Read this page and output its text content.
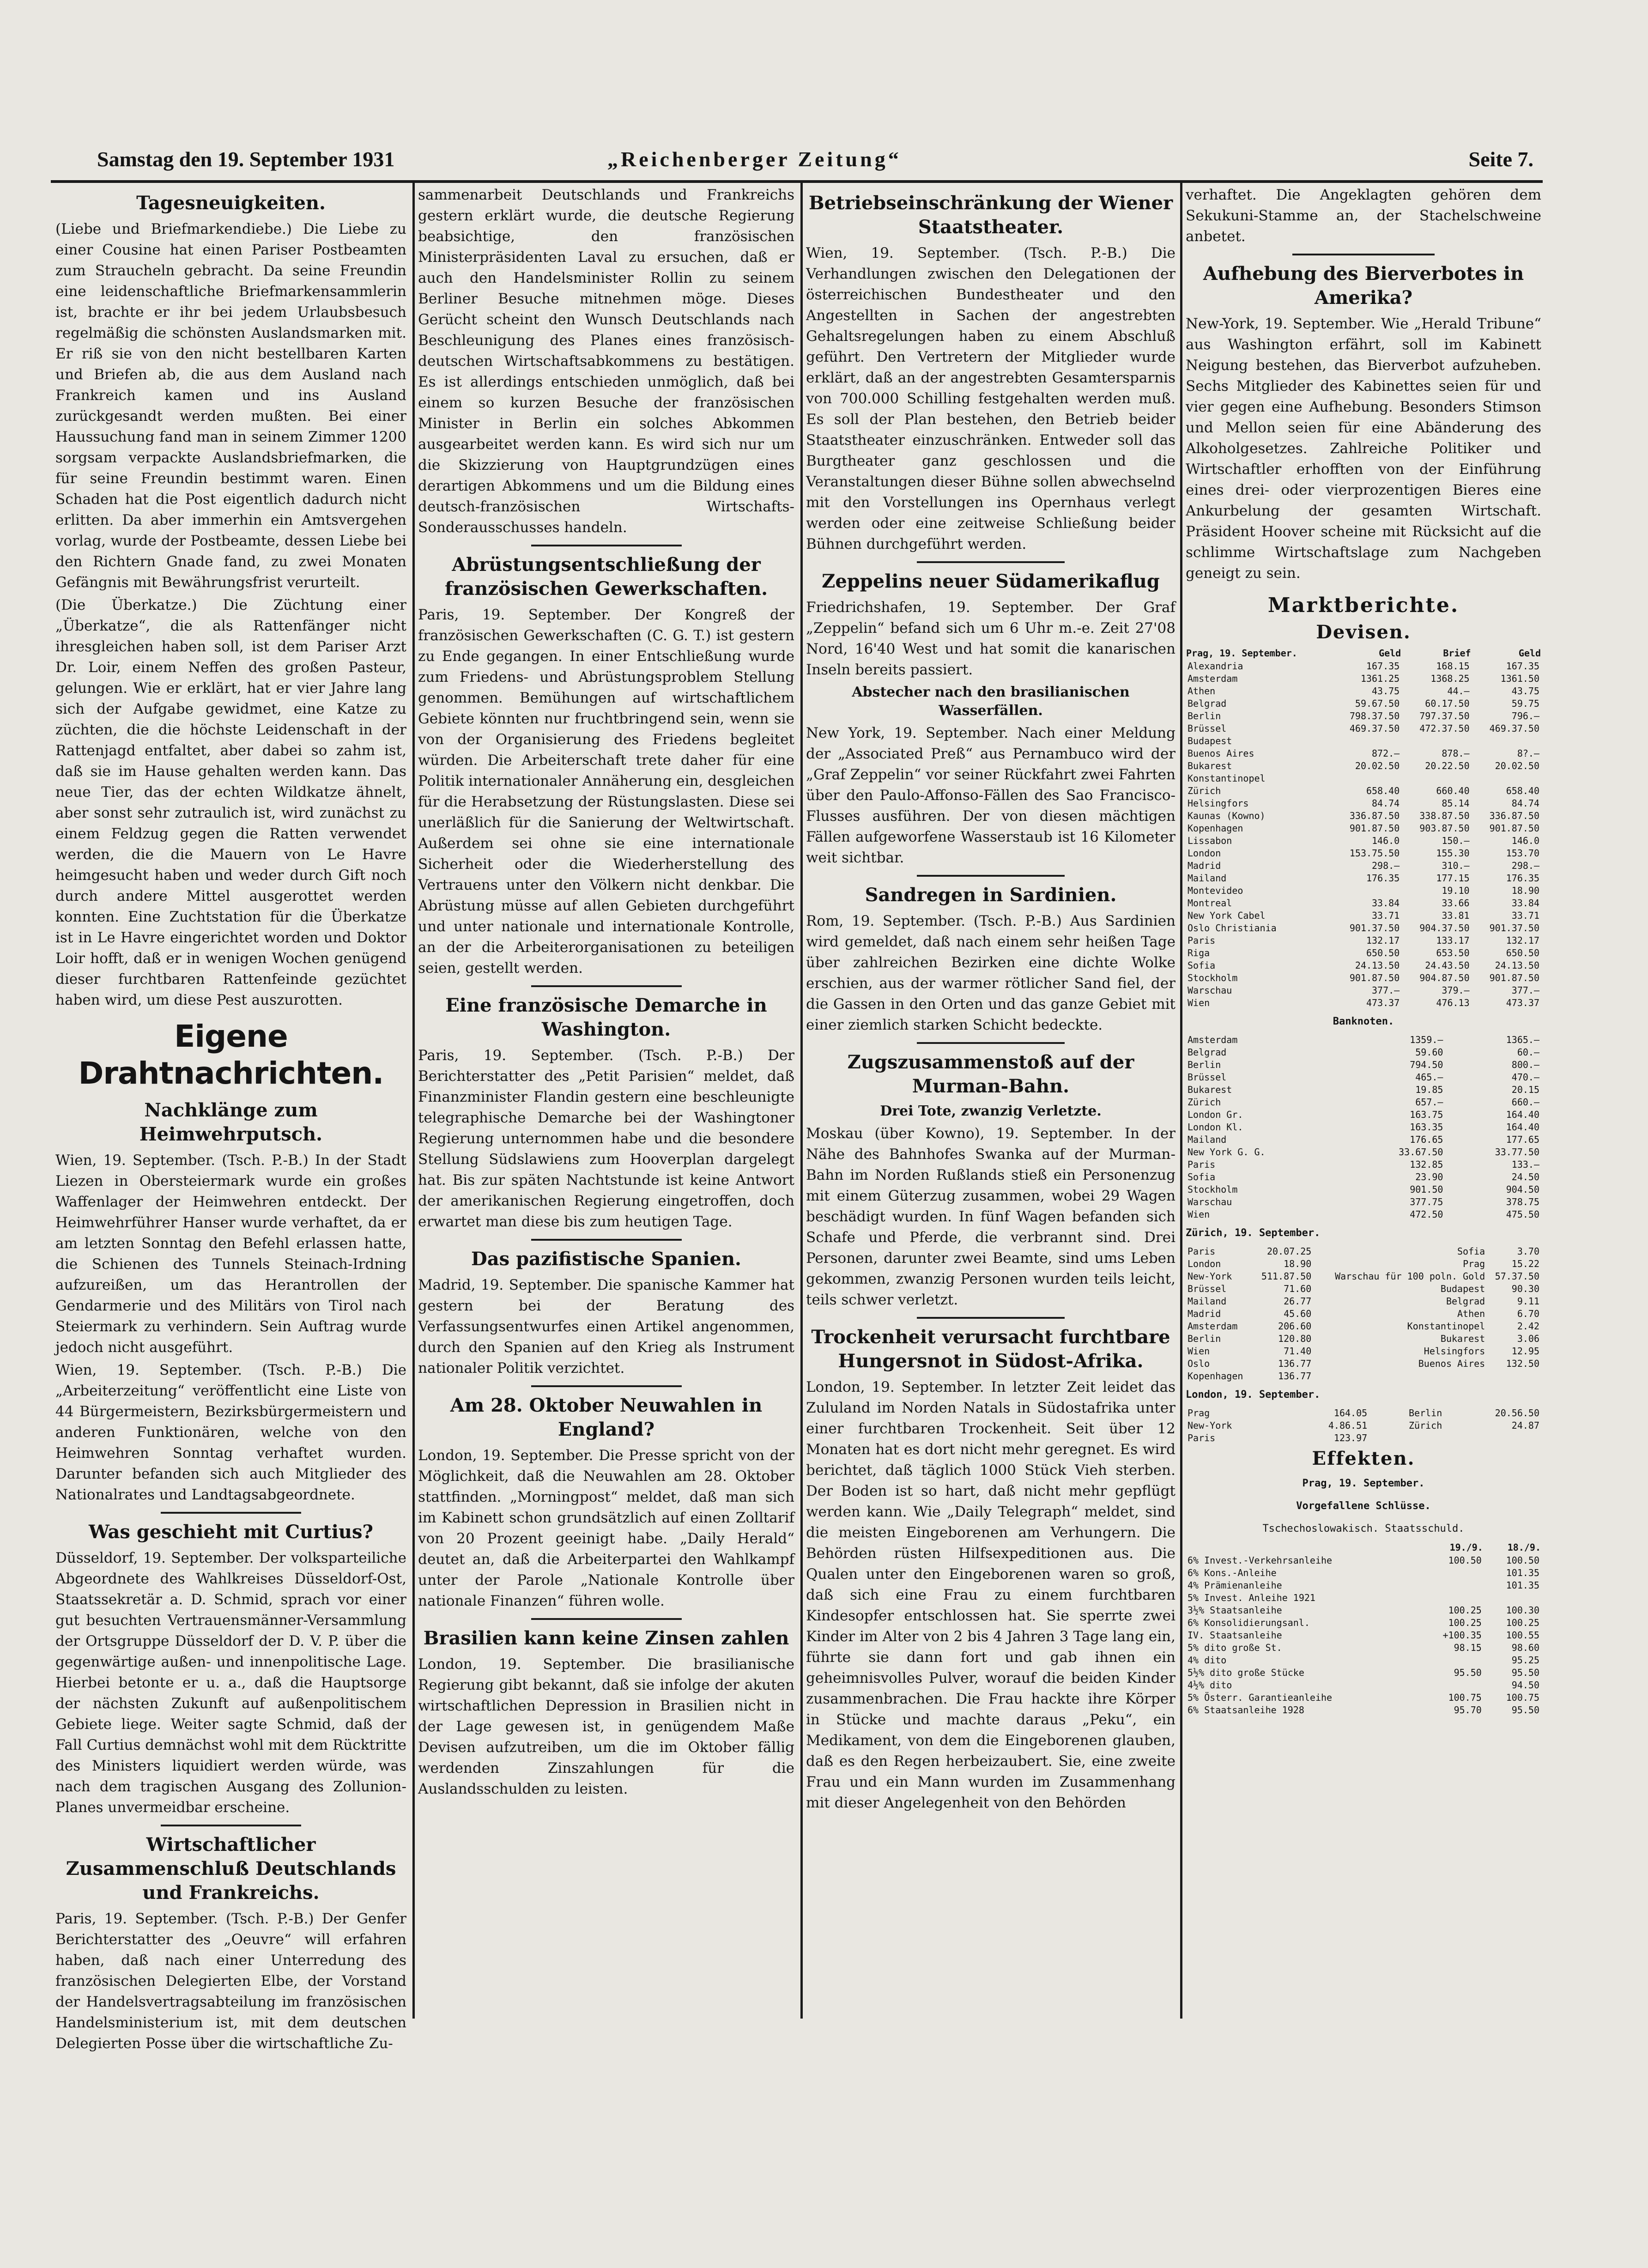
Samstag den 19. September 1931	„Reichenberger Zeitung“	Seite 7.
Tagesneuigkeiten.

(Liebe und Briefmarkendiebe.) Die Liebe zu einer Cousine hat einen Pariser Postbeamten zum Straucheln gebracht. Da seine Freundin eine leidenschaftliche Briefmarkensammlerin ist, brachte er ihr bei jedem Urlaubsbesuch regelmäßig die schönsten Auslandsmarken mit. Er riß sie von den nicht bestellbaren Karten und Briefen ab, die aus dem Ausland nach Frankreich kamen und ins Ausland zurückgesandt werden mußten. Bei einer Haussuchung fand man in seinem Zimmer 1200 sorgsam verpackte Auslandsbriefmarken, die für seine Freundin bestimmt waren. Einen Schaden hat die Post eigentlich dadurch nicht erlitten. Da aber immerhin ein Amtsvergehen vorlag, wurde der Postbeamte, dessen Liebe bei den Richtern Gnade fand, zu zwei Monaten Gefängnis mit Bewährungsfrist verurteilt.

(Die Überkatze.) Die Züchtung einer „Überkatze“, die als Rattenfänger nicht ihresgleichen haben soll, ist dem Pariser Arzt Dr. Loir, einem Neffen des großen Pasteur, gelungen. Wie er erklärt, hat er vier Jahre lang sich der Aufgabe gewidmet, eine Katze zu züchten, die die höchste Leidenschaft in der Rattenjagd entfaltet, aber dabei so zahm ist, daß sie im Hause gehalten werden kann. Das neue Tier, das der echten Wildkatze ähnelt, aber sonst sehr zutraulich ist, wird zunächst zu einem Feldzug gegen die Ratten verwendet werden, die die Mauern von Le Havre heimgesucht haben und weder durch Gift noch durch andere Mittel ausgerottet werden konnten. Eine Zuchtstation für die Überkatze ist in Le Havre eingerichtet worden und Doktor Loir hofft, daß er in wenigen Wochen genügend dieser furchtbaren Rattenfeinde gezüchtet haben wird, um diese Pest auszurotten.

Eigene Drahtnachrichten.
Nachklänge zum Heimwehrputsch.

Wien, 19. September. (Tsch. P.-B.) In der Stadt Liezen in Obersteiermark wurde ein großes Waffenlager der Heimwehren entdeckt. Der Heimwehrführer Hanser wurde verhaftet, da er am letzten Sonntag den Befehl erlassen hatte, die Schienen des Tunnels Steinach-Irdning aufzureißen, um das Herantrollen der Gendarmerie und des Militärs von Tirol nach Steiermark zu verhindern. Sein Auftrag wurde jedoch nicht ausgeführt.

Wien, 19. September. (Tsch. P.-B.) Die „Arbeiterzeitung“ veröffentlicht eine Liste von 44 Bürgermeistern, Bezirksbürgermeistern und anderen Funktionären, welche von den Heimwehren Sonntag verhaftet wurden. Darunter befanden sich auch Mitglieder des Nationalrates und Landtagsabgeordnete.

Was geschieht mit Curtius?

Düsseldorf, 19. September. Der volksparteiliche Abgeordnete des Wahlkreises Düsseldorf-Ost, Staatssekretär a. D. Schmid, sprach vor einer gut besuchten Vertrauensmänner-Versammlung der Ortsgruppe Düsseldorf der D. V. P. über die gegenwärtige außen- und innenpolitische Lage. Hierbei betonte er u. a., daß die Hauptsorge der nächsten Zukunft auf außenpolitischem Gebiete liege. Weiter sagte Schmid, daß der Fall Curtius demnächst wohl mit dem Rücktritte des Ministers liquidiert werden würde, was nach dem tragischen Ausgang des Zollunion-Planes unvermeidbar erscheine.

Wirtschaftlicher Zusammenschluß Deutschlands und Frankreichs.

Paris, 19. September. (Tsch. P.-B.) Der Genfer Berichterstatter des „Oeuvre“ will erfahren haben, daß nach einer Unterredung des französischen Delegierten Elbe, der Vorstand der Handelsvertragsabteilung im französischen Handelsministerium ist, mit dem deutschen Delegierten Posse über die wirtschaftliche Zu-

sammenarbeit Deutschlands und Frankreichs gestern erklärt wurde, die deutsche Regierung beabsichtige, den französischen Ministerpräsidenten Laval zu ersuchen, daß er auch den Handelsminister Rollin zu seinem Berliner Besuche mitnehmen möge. Dieses Gerücht scheint den Wunsch Deutschlands nach Beschleunigung des Planes eines französisch-deutschen Wirtschaftsabkommens zu bestätigen. Es ist allerdings entschieden unmöglich, daß bei einem so kurzen Besuche der französischen Minister in Berlin ein solches Abkommen ausgearbeitet werden kann. Es wird sich nur um die Skizzierung von Hauptgrundzügen eines derartigen Abkommens und um die Bildung eines deutsch-französischen Wirtschafts-Sonderausschusses handeln.

Abrüstungsentschließung der französischen Gewerkschaften.

Paris, 19. September. Der Kongreß der französischen Gewerkschaften (C. G. T.) ist gestern zu Ende gegangen. In einer Entschließung wurde zum Friedens- und Abrüstungsproblem Stellung genommen. Bemühungen auf wirtschaftlichem Gebiete könnten nur fruchtbringend sein, wenn sie von der Organisierung des Friedens begleitet würden. Die Arbeiterschaft trete daher für eine Politik internationaler Annäherung ein, desgleichen für die Herabsetzung der Rüstungslasten. Diese sei unerläßlich für die Sanierung der Weltwirtschaft. Außerdem sei ohne sie eine internationale Sicherheit oder die Wiederherstellung des Vertrauens unter den Völkern nicht denkbar. Die Abrüstung müsse auf allen Gebieten durchgeführt und unter nationale und internationale Kontrolle, an der die Arbeiterorganisationen zu beteiligen seien, gestellt werden.

Eine französische Demarche in Washington.

Paris, 19. September. (Tsch. P.-B.) Der Berichterstatter des „Petit Parisien“ meldet, daß Finanzminister Flandin gestern eine beschleunigte telegraphische Demarche bei der Washingtoner Regierung unternommen habe und die besondere Stellung Südslawiens zum Hooverplan dargelegt hat. Bis zur späten Nachtstunde ist keine Antwort der amerikanischen Regierung eingetroffen, doch erwartet man diese bis zum heutigen Tage.

Das pazifistische Spanien.

Madrid, 19. September. Die spanische Kammer hat gestern bei der Beratung des Verfassungsentwurfes einen Artikel angenommen, durch den Spanien auf den Krieg als Instrument nationaler Politik verzichtet.

Am 28. Oktober Neuwahlen in England?

London, 19. September. Die Presse spricht von der Möglichkeit, daß die Neuwahlen am 28. Oktober stattfinden. „Morningpost“ meldet, daß man sich im Kabinett schon grundsätzlich auf einen Zolltarif von 20 Prozent geeinigt habe. „Daily Herald“ deutet an, daß die Arbeiterpartei den Wahlkampf unter der Parole „Nationale Kontrolle über nationale Finanzen“ führen wolle.

Brasilien kann keine Zinsen zahlen

London, 19. September. Die brasilianische Regierung gibt bekannt, daß sie infolge der akuten wirtschaftlichen Depression in Brasilien nicht in der Lage gewesen ist, in genügendem Maße Devisen aufzutreiben, um die im Oktober fällig werdenden Zinszahlungen für die Auslandsschulden zu leisten.

Betriebseinschränkung der Wiener Staatstheater.

Wien, 19. September. (Tsch. P.-B.) Die Verhandlungen zwischen den Delegationen der österreichischen Bundestheater und den Angestellten in Sachen der angestrebten Gehaltsregelungen haben zu einem Abschluß geführt. Den Vertretern der Mitglieder wurde erklärt, daß an der angestrebten Gesamtersparnis von 700.000 Schilling festgehalten werden muß. Es soll der Plan bestehen, den Betrieb beider Staatstheater einzuschränken. Entweder soll das Burgtheater ganz geschlossen und die Veranstaltungen dieser Bühne sollen abwechselnd mit den Vorstellungen ins Opernhaus verlegt werden oder eine zeitweise Schließung beider Bühnen durchgeführt werden.

Zeppelins neuer Südamerikaflug

Friedrichshafen, 19. September. Der Graf „Zeppelin“ befand sich um 6 Uhr m.-e. Zeit 27'08 Nord, 16'40 West und hat somit die kanarischen Inseln bereits passiert.

Abstecher nach den brasilianischen Wasserfällen.

New York, 19. September. Nach einer Meldung der „Associated Preß“ aus Pernambuco wird der „Graf Zeppelin“ vor seiner Rückfahrt zwei Fahrten über den Paulo-Affonso-Fällen des Sao Francisco-Flusses ausführen. Der von diesen mächtigen Fällen aufgeworfene Wasserstaub ist 16 Kilometer weit sichtbar.

Sandregen in Sardinien.

Rom, 19. September. (Tsch. P.-B.) Aus Sardinien wird gemeldet, daß nach einem sehr heißen Tage über zahlreichen Bezirken eine dichte Wolke erschien, aus der warmer rötlicher Sand fiel, der die Gassen in den Orten und das ganze Gebiet mit einer ziemlich starken Schicht bedeckte.

Zugszusammenstoß auf der Murman-Bahn.
Drei Tote, zwanzig Verletzte.

Moskau (über Kowno), 19. September. In der Nähe des Bahnhofes Swanka auf der Murman-Bahn im Norden Rußlands stieß ein Personenzug mit einem Güterzug zusammen, wobei 29 Wagen beschädigt wurden. In fünf Wagen befanden sich Schafe und Pferde, die verbrannt sind. Drei Personen, darunter zwei Beamte, sind ums Leben gekommen, zwanzig Personen wurden teils leicht, teils schwer verletzt.

Trockenheit verursacht furchtbare Hungersnot in Südost-Afrika.

London, 19. September. In letzter Zeit leidet das Zululand im Norden Natals in Südostafrika unter einer furchtbaren Trockenheit. Seit über 12 Monaten hat es dort nicht mehr geregnet. Es wird berichtet, daß täglich 1000 Stück Vieh sterben. Der Boden ist so hart, daß nicht mehr gepflügt werden kann. Wie „Daily Telegraph“ meldet, sind die meisten Eingeborenen am Verhungern. Die Behörden rüsten Hilfsexpeditionen aus. Die Qualen unter den Eingeborenen waren so groß, daß sich eine Frau zu einem furchtbaren Kindesopfer entschlossen hat. Sie sperrte zwei Kinder im Alter von 2 bis 4 Jahren 3 Tage lang ein, führte sie dann fort und gab ihnen ein geheimnisvolles Pulver, worauf die beiden Kinder zusammenbrachen. Die Frau hackte ihre Körper in Stücke und machte daraus „Peku“, ein Medikament, von dem die Eingeborenen glauben, daß es den Regen herbeizaubert. Sie, eine zweite Frau und ein Mann wurden im Zusammenhang mit dieser Angelegenheit von den Behörden

verhaftet. Die Angeklagten gehören dem Sekukuni-Stamme an, der Stachelschweine anbetet.

Aufhebung des Bierverbotes in Amerika?

New-York, 19. September. Wie „Herald Tribune“ aus Washington erfährt, soll im Kabinett Neigung bestehen, das Bierverbot aufzuheben. Sechs Mitglieder des Kabinettes seien für und vier gegen eine Aufhebung. Besonders Stimson und Mellon seien für eine Abänderung des Alkoholgesetzes. Zahlreiche Politiker und Wirtschaftler erhofften von der Einführung eines drei- oder vierprozentigen Bieres eine Ankurbelung der gesamten Wirtschaft. Präsident Hoover scheine mit Rücksicht auf die schlimme Wirtschaftslage zum Nachgeben geneigt zu sein.

Marktberichte.
Devisen.
Prag, 19. September.	Geld	Brief	Geld
Alexandria	167.35	168.15	167.35
Amsterdam	1361.25	1368.25	1361.50
Athen	43.75	44.—	43.75
Belgrad	59.67.50	60.17.50	59.75
Berlin	798.37.50	797.37.50	796.—
Brüssel	469.37.50	472.37.50	469.37.50
Budapest			
Buenos Aires	872.—	878.—	8?.—
Bukarest	20.02.50	20.22.50	20.02.50
Konstantinopel			
Zürich	658.40	660.40	658.40
Helsingfors	84.74	85.14	84.74
Kaunas (Kowno)	336.87.50	338.87.50	336.87.50
Kopenhagen	901.87.50	903.87.50	901.87.50
Lissabon	146.0	150.—	146.0
London	153.75.50	155.30	153.70
Madrid	298.—	310.—	298.—
Mailand	176.35	177.15	176.35
Montevideo		19.10	18.90
Montreal	33.84	33.66	33.84
New York Cabel	33.71	33.81	33.71
Oslo Christiania	901.37.50	904.37.50	901.37.50
Paris	132.17	133.17	132.17
Riga	650.50	653.50	650.50
Sofia	24.13.50	24.43.50	24.13.50
Stockholm	901.87.50	904.87.50	901.87.50
Warschau	377.—	379.—	377.—
Wien	473.37	476.13	473.37
Banknoten.
Amsterdam	1359.—	1365.—
Belgrad	59.60	60.—
Berlin	794.50	800.—
Brüssel	465.—	470.—
Bukarest	19.85	20.15
Zürich	657.—	660.—
London Gr.	163.75	164.40
London Kl.	163.35	164.40
Mailand	176.65	177.65
New York G. G.	33.67.50	33.77.50
Paris	132.85	133.—
Sofia	23.90	24.50
Stockholm	901.50	904.50
Warschau	377.75	378.75
Wien	472.50	475.50
Zürich, 19. September.
Paris	20.07.25	Sofia	3.70
London	18.90	Prag	15.22
New-York	511.87.50	Warschau für 100 poln. Gold	57.37.50
Brüssel	71.60	Budapest	90.30
Mailand	26.77	Belgrad	9.11
Madrid	45.60	Athen	6.70
Amsterdam	206.60	Konstantinopel	2.42
Berlin	120.80	Bukarest	3.06
Wien	71.40	Helsingfors	12.95
Oslo	136.77	Buenos Aires	132.50
Kopenhagen	136.77		
London, 19. September.
Prag	164.05	Berlin	20.56.50
New-York	4.86.51	Zürich	24.87
Paris	123.97		
Effekten.
Prag, 19. September.
Vorgefallene Schlüsse.
Tschechoslowakisch. Staatsschuld.
	19./9.	18./9.
6% Invest.-Verkehrsanleihe	100.50	100.50
6% Kons.-Anleihe		101.35
4% Prämienanleihe		101.35
5% Invest. Anleihe 1921		
3½% Staatsanleihe	100.25	100.30
6% Konsolidierungsanl.	100.25	100.25
IV. Staatsanleihe	+100.35	100.55
5% dito große St.	98.15	98.60
4% dito		95.25
5½% dito große Stücke	95.50	95.50
4½% dito		94.50
5% Österr. Garantieanleihe	100.75	100.75
6% Staatsanleihe 1928	95.70	95.50
